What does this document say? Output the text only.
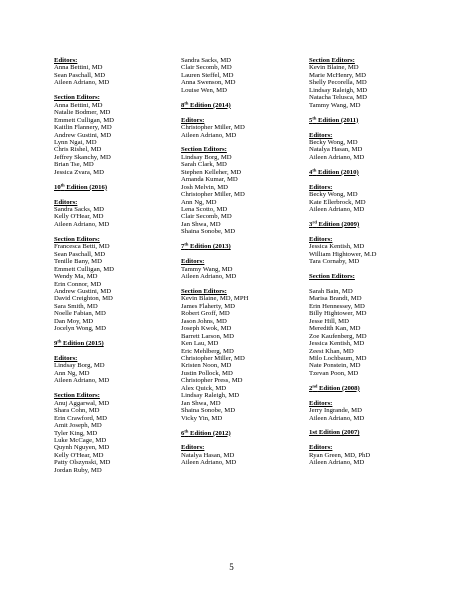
Editors:
Anna Bettini, MD
Sean Paschall, MD
Aileen Adriano, MD
Section Editors:
Anna Bettini, MD
Natalie Bodmer, MD
Emmett Culligan, MD
Kaitlin Flannery, MD
Andrew Gustini, MD
Lynn Ngai, MD
Chris Rishel, MD
Jeffrey Skanchy, MD
Brian Tse, MD
Jessica Zvara, MD
10th Edition (2016)
Editors:
Sandra Sacks, MD
Kelly O'Hear, MD
Aileen Adriano, MD
Section Editors:
Francesca Betti, MD
Sean Paschall, MD
Tenille Bany, MD
Emmett Culligan, MD
Wendy Ma, MD
Erin Connor, MD
Andrew Gustini, MD
David Creighton, MD
Sara Smith, MD
Noelle Fabian, MD
Dan Moy, MD
Jocelyn Wong, MD
9th Edition (2015)
Editors:
Lindsay Borg, MD
Ann Ng, MD
Aileen Adriano, MD
Section Editors:
Anuj Aggarwal, MD
Shara Cohn, MD
Erin Crawford, MD
Amit Joseph, MD
Tyler King, MD
Luke McCage, MD
Quynh Nguyen, MD
Kelly O'Hear, MD
Patty Olszynski, MD
Jordan Ruby, MD
Sandra Sacks, MD
Clair Secomb, MD
Lauren Steffel, MD
Anna Swenson, MD
Louise Wen, MD
8th Edition (2014)
Editors:
Christopher Miller, MD
Aileen Adriano, MD
Section Editors:
Lindsay Borg, MD
Sarah Clark, MD
Stephen Kelleher, MD
Amanda Kumar, MD
Josh Melvin, MD
Christopher Miller, MD
Ann Ng, MD
Lena Scotto, MD
Clair Secomb, MD
Jan Shwa, MD
Shaina Sonobe, MD
7th Edition (2013)
Editors:
Tammy Wang, MD
Aileen Adriano, MD
Section Editors:
Kevin Blaine, MD, MPH
James Flaherty, MD
Robert Groff, MD
Jason Johns, MD
Joseph Kwok, MD
Barrett Larson, MD
Ken Lau, MD
Eric Mehlberg, MD
Christopher Miller, MD
Kristen Noon, MD
Justin Pollock, MD
Christopher Press, MD
Alex Quick, MD
Lindsay Raleigh, MD
Jan Shwa, MD
Shaina Sonobe, MD
Vicky Yin, MD
6th Edition (2012)
Editors:
Natalya Hasan, MD
Aileen Adriano, MD
Section Editors:
Kevin Blaine, MD
Marie McHenry, MD
Shelly Pecorella, MD
Lindsay Raleigh, MD
Natacha Telusca, MD
Tammy Wang, MD
5th Edition (2011)
Editors:
Becky Wong, MD
Natalya Hasan, MD
Aileen Adriano, MD
4th Edition (2010)
Editors:
Becky Wong, MD
Kate Ellerbrock, MD
Aileen Adriano, MD
3rd Edition (2009)
Editors:
Jessica Kentish, MD
William Hightower, M.D
Tara Cornaby, MD
Section Editors:
Sarah Bain, MD
Marisa Brandt, MD
Erin Hennessey, MD
Billy Hightower, MD
Jesse Hill, MD
Meredith Kan, MD
Zoe Kaufenberg, MD
Jessica Kentish, MD
Zeest Khan, MD
Milo Lochbaum, MD
Nate Ponstein, MD
Tzevan Poon, MD
2nd Edition (2008)
Editors:
Jerry Ingrande, MD
Aileen Adriano, MD
1st Edition (2007)
Editors:
Ryan Green, MD, PhD
Aileen Adriano, MD
5
